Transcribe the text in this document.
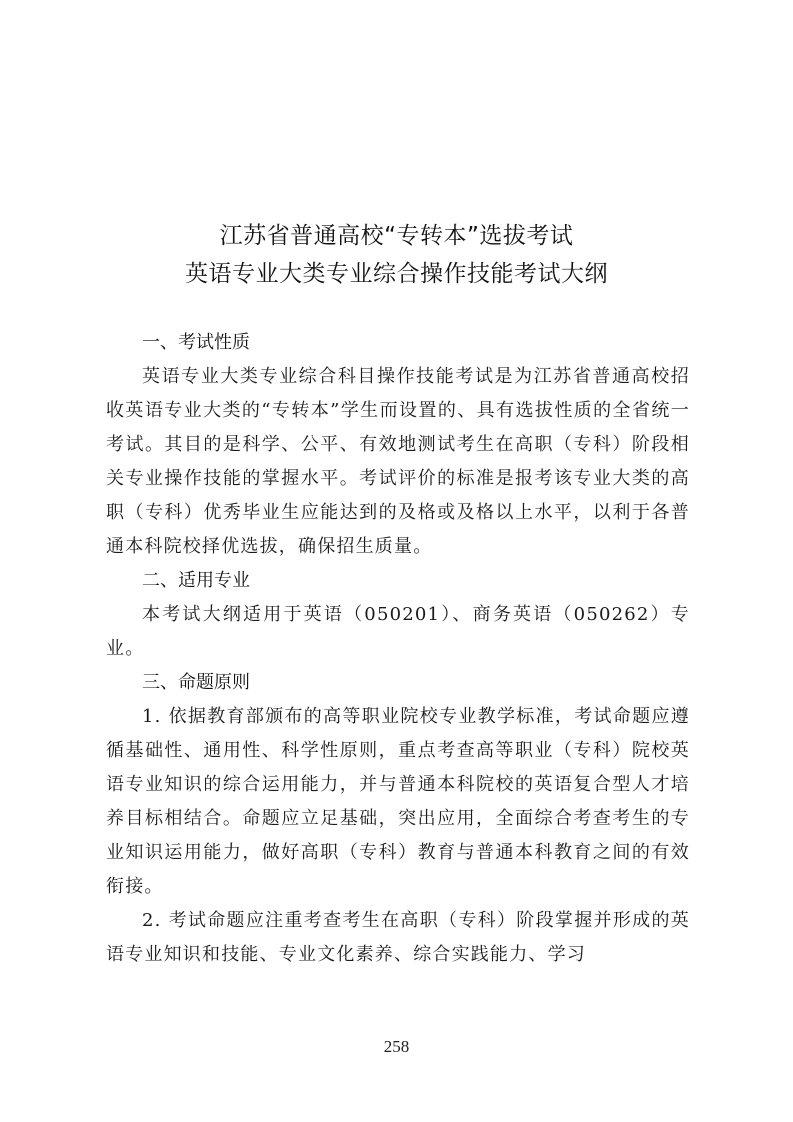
江苏省普通高校“专转本”选拔考试
英语专业大类专业综合操作技能考试大纲
一、考试性质

英语专业大类专业综合科目操作技能考试是为江苏省普通高校招收英语专业大类的“专转本”学生而设置的、具有选拔性质的全省统一考试。其目的是科学、公平、有效地测试考生在高职（专科）阶段相关专业操作技能的掌握水平。考试评价的标准是报考该专业大类的高职（专科）优秀毕业生应能达到的及格或及格以上水平，以利于各普通本科院校择优选拔，确保招生质量。

二、适用专业

本考试大纲适用于英语（050201）、商务英语（050262）专业。

三、命题原则

1. 依据教育部颁布的高等职业院校专业教学标准，考试命题应遵循基础性、通用性、科学性原则，重点考查高等职业（专科）院校英语专业知识的综合运用能力，并与普通本科院校的英语复合型人才培养目标相结合。命题应立足基础，突出应用，全面综合考查考生的专业知识运用能力，做好高职（专科）教育与普通本科教育之间的有效衔接。

2. 考试命题应注重考查考生在高职（专科）阶段掌握并形成的英语专业知识和技能、专业文化素养、综合实践能力、学习

258
